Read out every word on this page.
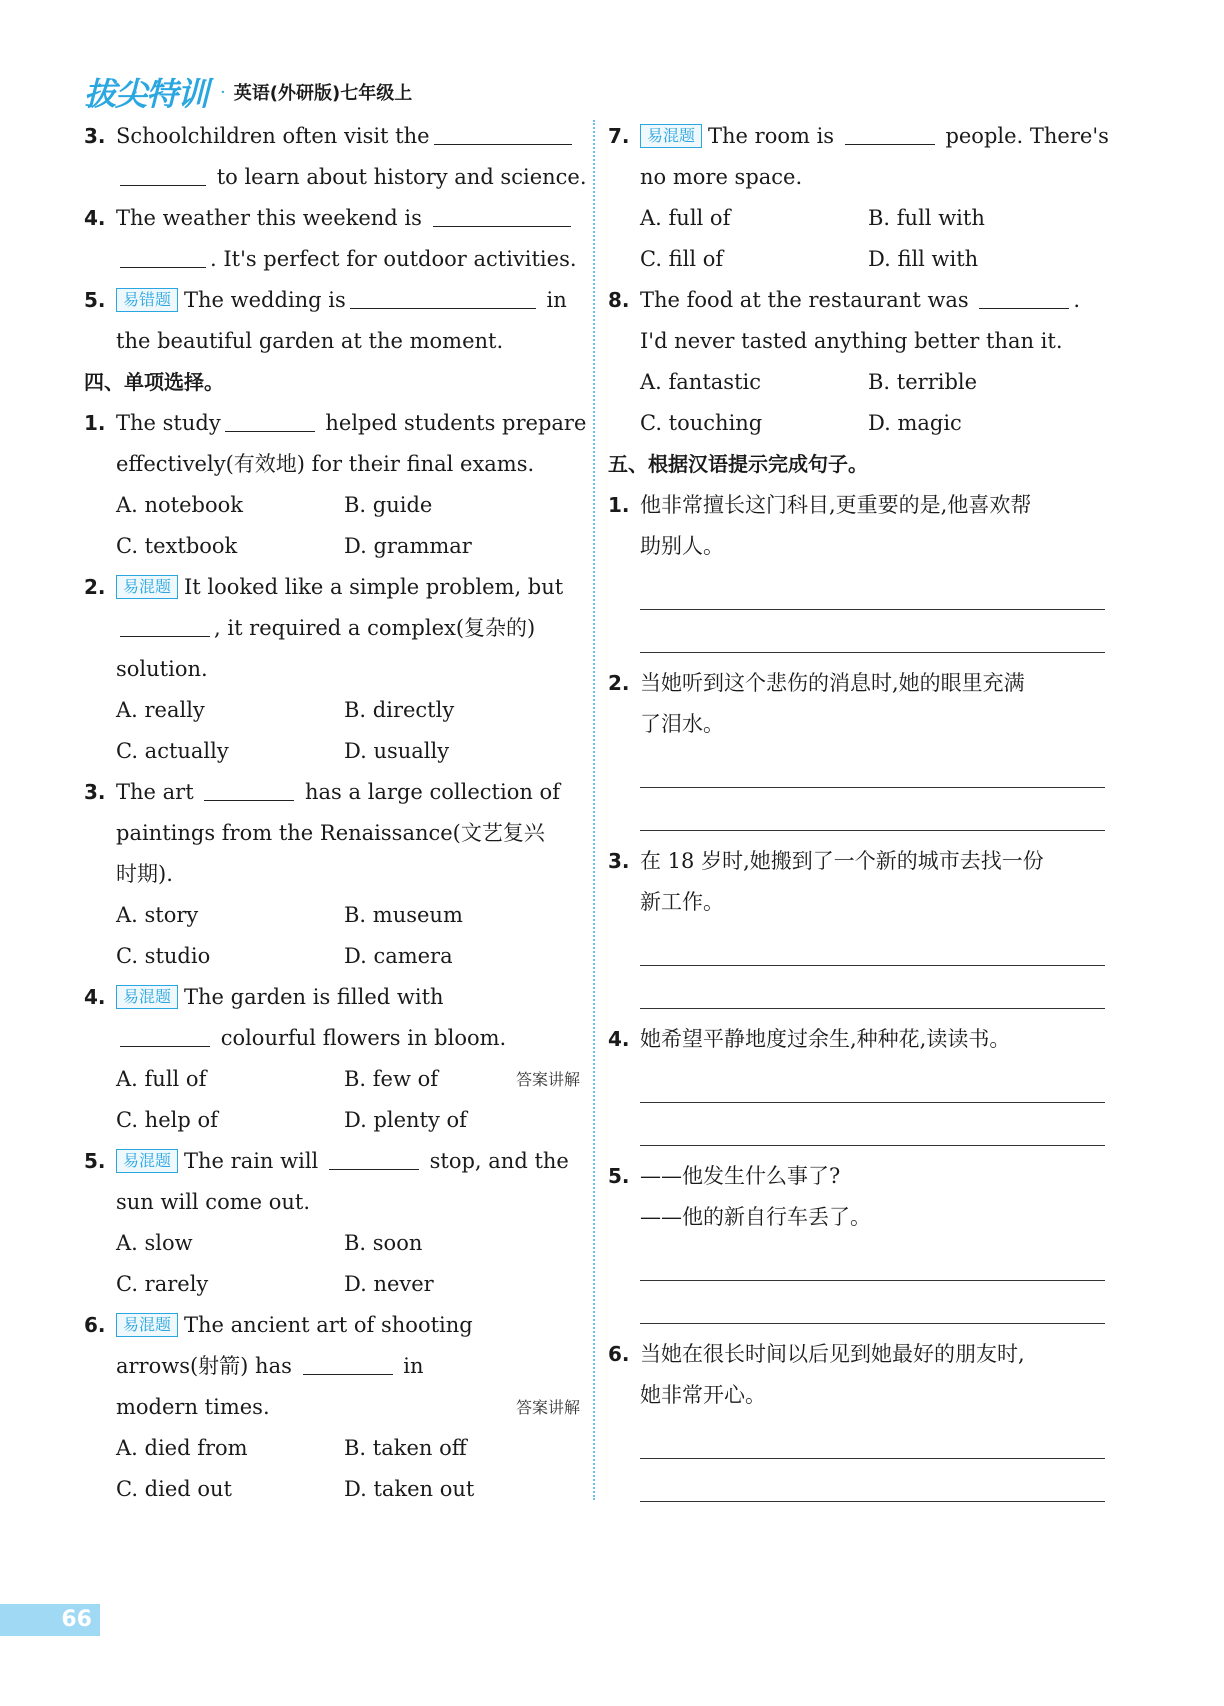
拔尖特训 · 英语(外研版)七年级上
3. Schoolchildren often visit the
to learn about history and science.
4. The weather this weekend is
. It's perfect for outdoor activities.
5. 易错题 The wedding is	in
the beautiful garden at the moment.
四、单项选择。
1. The study	helped students prepare
effectively(有效地) for their final exams.
A. notebook	B. guide
C. textbook	D. grammar
2. 易混题 It looked like a simple problem, but
, it required a complex(复杂的)
solution.
A. really	B. directly
C. actually	D. usually
3. The art	has a large collection of
paintings from the Renaissance(文艺复兴
时期).
A. story	B. museum
C. studio	D. camera
4. 易混题 The garden is filled with
colourful flowers in bloom.
A. full of	B. few of	答案讲解
C. help of	D. plenty of
5. 易混题 The rain will	stop, and the
sun will come out.
A. slow	B. soon
C. rarely	D. never
6. 易混题 The ancient art of shooting
arrows(射箭) has	in
modern times.	答案讲解
A. died from	B. taken off
C. died out	D. taken out
7. 易混题 The room is	people. There's
no more space.
A. full of	B. full with
C. fill of	D. fill with
8. The food at the restaurant was	.
I'd never tasted anything better than it.
A. fantastic	B. terrible
C. touching	D. magic
五、根据汉语提示完成句子。
1. 他非常擅长这门科目,更重要的是,他喜欢帮
助别人。
2. 当她听到这个悲伤的消息时,她的眼里充满
了泪水。
3. 在 18 岁时,她搬到了一个新的城市去找一份
新工作。
4. 她希望平静地度过余生,种种花,读读书。
5. ——他发生什么事了?
——他的新自行车丢了。
6. 当她在很长时间以后见到她最好的朋友时,
她非常开心。
66
